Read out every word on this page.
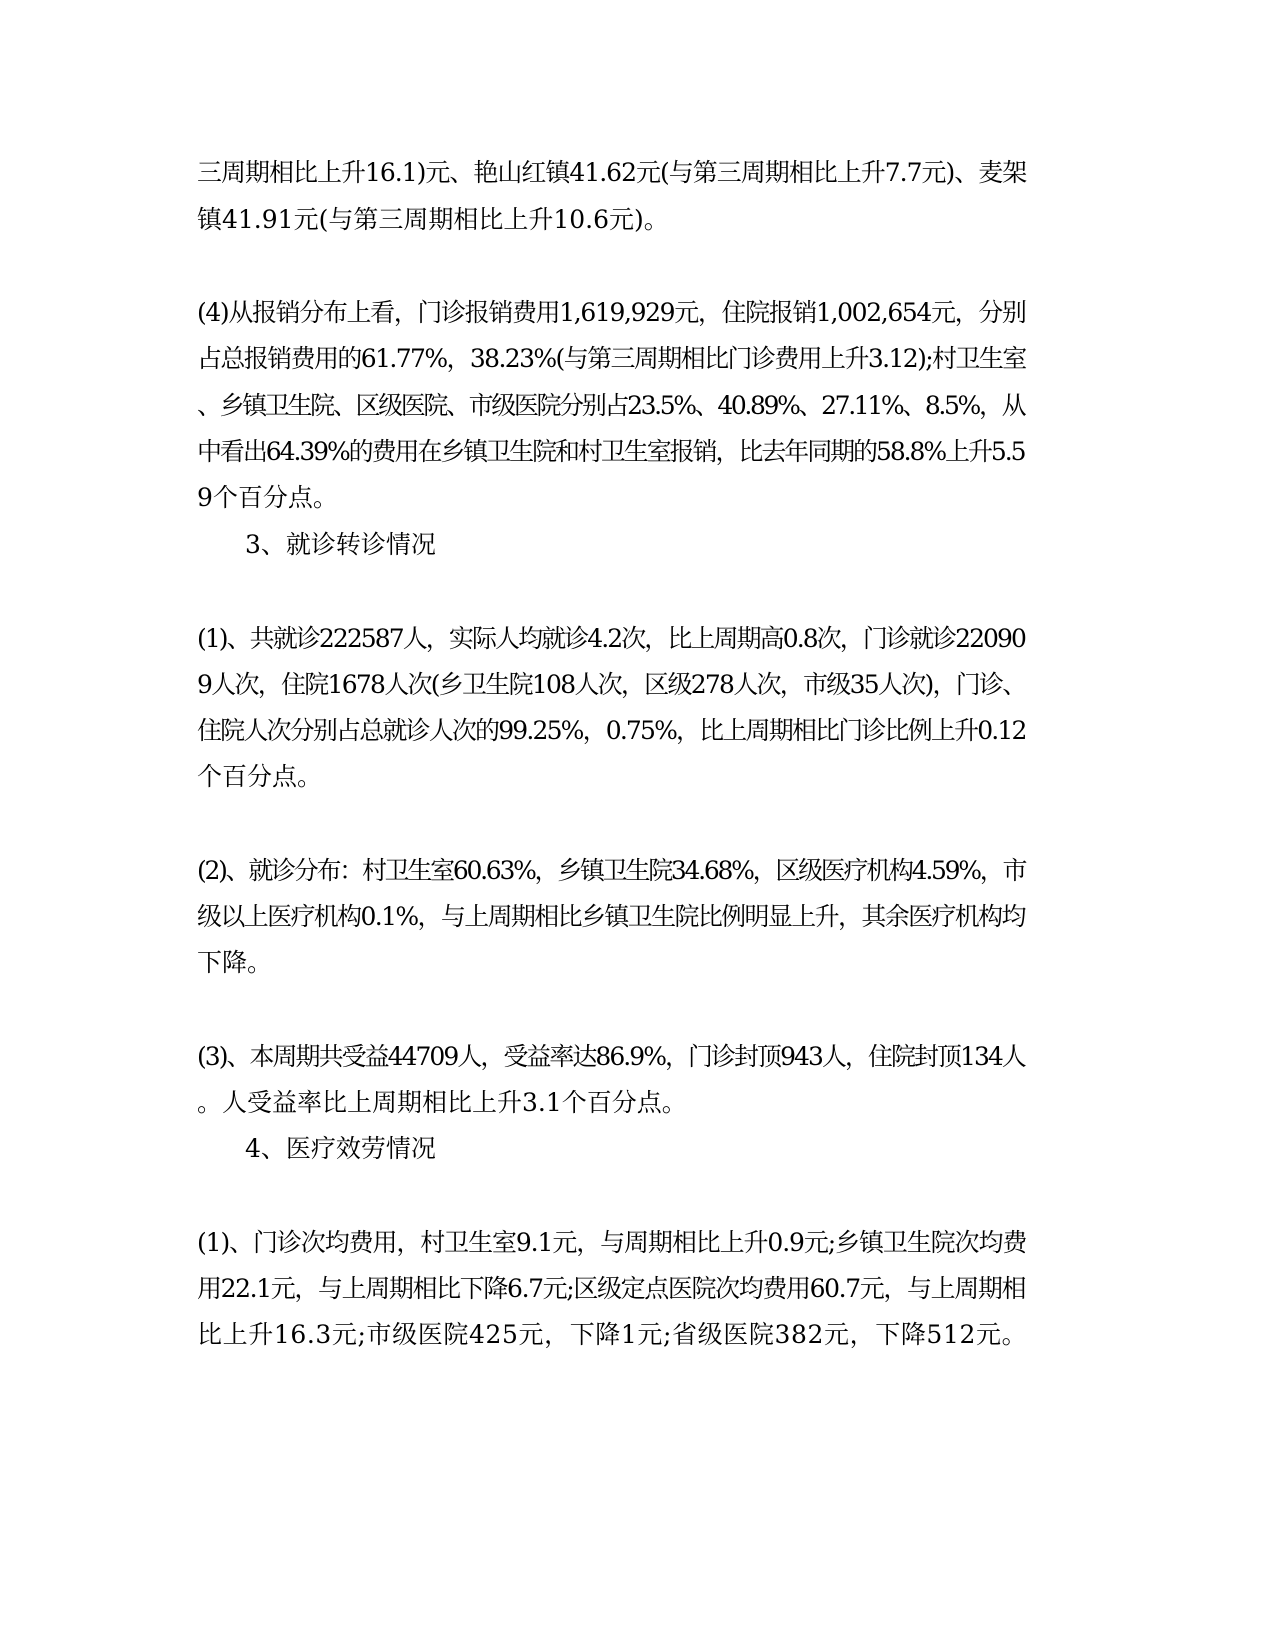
三周期相比上升16.1)元、艳山红镇41.62元(与第三周期相比上升7.7元)、麦架
镇41.91元(与第三周期相比上升10.6元)。
(4)从报销分布上看，门诊报销费用1,619,929元，住院报销1,002,654元，分别
占总报销费用的61.77%，38.23%(与第三周期相比门诊费用上升3.12);村卫生室
、乡镇卫生院、区级医院、市级医院分别占23.5%、40.89%、27.11%、8.5%，从
中看出64.39%的费用在乡镇卫生院和村卫生室报销，比去年同期的58.8%上升5.5
9个百分点。
3、就诊转诊情况
(1)、共就诊222587人，实际人均就诊4.2次，比上周期高0.8次，门诊就诊22090
9人次，住院1678人次(乡卫生院108人次，区级278人次，市级35人次)，门诊、
住院人次分别占总就诊人次的99.25%，0.75%，比上周期相比门诊比例上升0.12
个百分点。
(2)、就诊分布：村卫生室60.63%，乡镇卫生院34.68%，区级医疗机构4.59%，市
级以上医疗机构0.1%，与上周期相比乡镇卫生院比例明显上升，其余医疗机构均
下降。
(3)、本周期共受益44709人，受益率达86.9%，门诊封顶943人，住院封顶134人
。人受益率比上周期相比上升3.1个百分点。
4、医疗效劳情况
(1)、门诊次均费用，村卫生室9.1元，与周期相比上升0.9元;乡镇卫生院次均费
用22.1元，与上周期相比下降6.7元;区级定点医院次均费用60.7元，与上周期相
比上升16.3元;市级医院425元，下降1元;省级医院382元，下降512元。
